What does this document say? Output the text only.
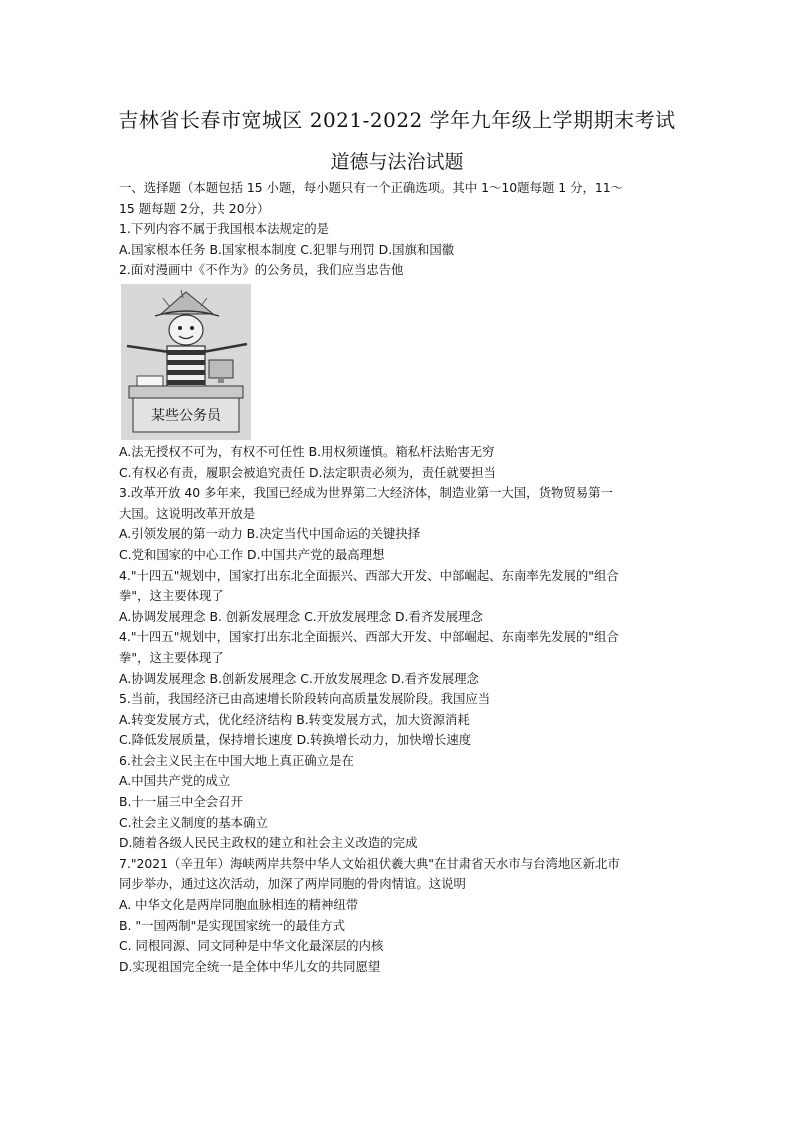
吉林省长春市宽城区 2021-2022 学年九年级上学期期末考试
道德与法治试题
一、选择题（本题包括 15 小题，每小题只有一个正确选项。其中 1～10题每题 1 分，11～
15 题每题 2分，共 20分）
1.下列内容不属于我国根本法规定的是
A.国家根本任务 B.国家根本制度 C.犯罪与刑罚 D.国旗和国徽
2.面对漫画中《不作为》的公务员，我们应当忠告他
某些公务员
A.法无授权不可为，有权不可任性 B.用权须谨慎。箱私杆法贻害无穷
C.有权必有责，履职会被追究责任 D.法定职责必须为，责任就要担当
3.改革开放 40 多年来，我国已经成为世界第二大经济体，制造业第一大国，货物贸易第一
大国。这说明改革开放是
A.引领发展的第一动力 B.决定当代中国命运的关键抉择
C.党和国家的中心工作 D.中国共产党的最高理想
4."十四五"规划中，国家打出东北全面振兴、西部大开发、中部崛起、东南率先发展的"组合
拳"，这主要体现了
A.协调发展理念 B. 创新发展理念 C.开放发展理念 D.看齐发展理念
4."十四五"规划中，国家打出东北全面振兴、西部大开发、中部崛起、东南率先发展的"组合
拳"，这主要体现了
A.协调发展理念 B.创新发展理念 C.开放发展理念 D.看齐发展理念
5.当前，我国经济已由高速增长阶段转向高质量发展阶段。我国应当
A.转变发展方式，优化经济结构 B.转变发展方式，加大资源消耗
C.降低发展质量，保持增长速度 D.转换增长动力，加快增长速度
6.社会主义民主在中国大地上真正确立是在
A.中国共产党的成立
B.十一届三中全会召开
C.社会主义制度的基本确立
D.随着各级人民民主政权的建立和社会主义改造的完成
7."2021（辛丑年）海峡两岸共祭中华人文始祖伏羲大典"在甘肃省天水市与台湾地区新北市
同步举办，通过这次活动，加深了两岸同胞的骨肉情谊。这说明
A. 中华文化是两岸同胞血脉相连的精神纽带
B. "一国两制"是实现国家统一的最佳方式
C. 同根同源、同文同种是中华文化最深层的内核
D.实现祖国完全统一是全体中华儿女的共同愿望
